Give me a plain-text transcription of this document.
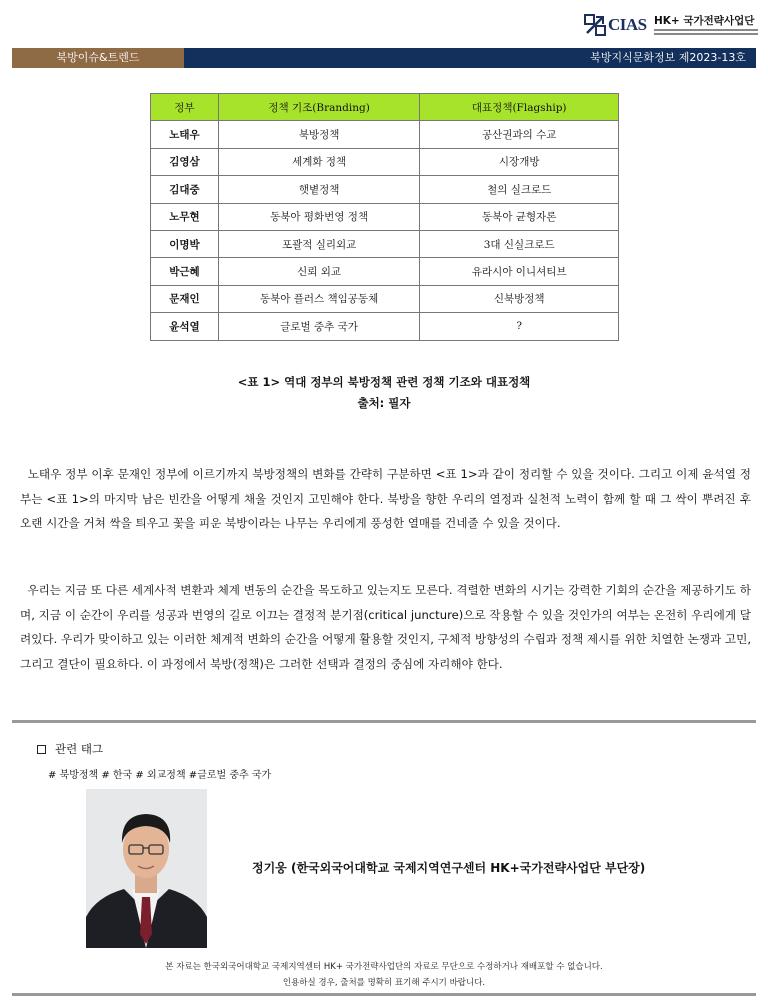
CIAS HK+ 국가전략사업단
북방이슈&트렌드	북방지식문화정보 제2023-13호
정부	정책 기조(Branding)	대표정책(Flagship)
노태우	북방정책	공산권과의 수교
김영삼	세계화 정책	시장개방
김대중	햇볕정책	철의 실크로드
노무현	동북아 평화번영 정책	동북아 균형자론
이명박	포괄적 실리외교	3대 신실크로드
박근혜	신뢰 외교	유라시아 이니셔티브
문재인	동북아 플러스 책임공동체	신북방정책
윤석열	글로벌 중추 국가	?
<표 1> 역대 정부의 북방정책 관련 정책 기조와 대표정책
출처: 필자

노태우 정부 이후 문재인 정부에 이르기까지 북방정책의 변화를 간략히 구분하면 <표 1>과 같이 정리할 수 있을 것이다. 그리고 이제 윤석열 정부는 <표 1>의 마지막 남은 빈칸을 어떻게 채울 것인지 고민해야 한다. 북방을 향한 우리의 열정과 실천적 노력이 함께 할 때 그 싹이 뿌려진 후 오랜 시간을 거쳐 싹을 틔우고 꽃을 피운 북방이라는 나무는 우리에게 풍성한 열매를 건네줄 수 있을 것이다.

우리는 지금 또 다른 세계사적 변환과 체계 변동의 순간을 목도하고 있는지도 모른다. 격렬한 변화의 시기는 강력한 기회의 순간을 제공하기도 하며, 지금 이 순간이 우리를 성공과 번영의 길로 이끄는 결정적 분기점(critical juncture)으로 작용할 수 있을 것인가의 여부는 온전히 우리에게 달려있다. 우리가 맞이하고 있는 이러한 체계적 변화의 순간을 어떻게 활용할 것인지, 구체적 방향성의 수립과 정책 제시를 위한 치열한 논쟁과 고민, 그리고 결단이 필요하다. 이 과정에서 북방(정책)은 그러한 선택과 결정의 중심에 자리해야 한다.

관련 태그
# 북방정책 # 한국 # 외교정책 #글로벌 중추 국가
정기웅 (한국외국어대학교 국제지역연구센터 HK+국가전략사업단 부단장)
본 자료는 한국외국어대학교 국제지역센터 HK+ 국가전략사업단의 자료로 무단으로 수정하거나 재배포할 수 없습니다.
인용하실 경우, 출처를 명확히 표기해 주시기 바랍니다.
